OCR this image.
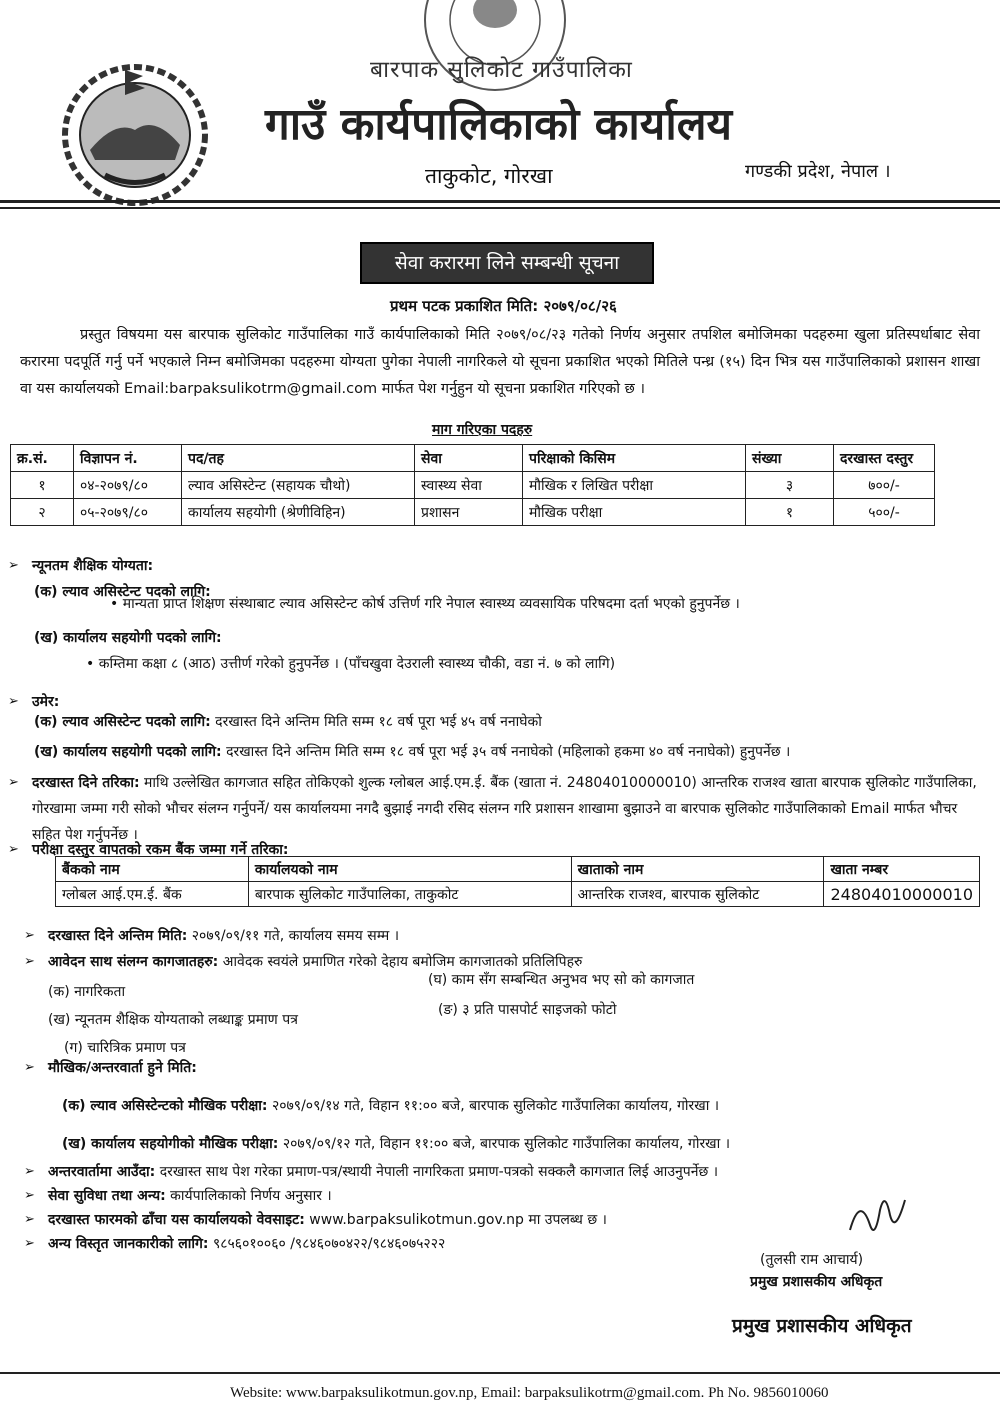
बारपाक सुलिकोट गाउँपालिका
गाउँ कार्यपालिकाको कार्यालय
ताकुकोट, गोरखा	गण्डकी प्रदेश, नेपाल ।
सेवा करारमा लिने सम्बन्धी सूचना
प्रथम पटक प्रकाशित मिति: २०७९/०८/२६

प्रस्तुत विषयमा यस बारपाक सुलिकोट गाउँपालिका गाउँ कार्यपालिकाको मिति २०७९/०८/२३ गतेको निर्णय अनुसार तपशिल बमोजिमका पदहरुमा खुला प्रतिस्पर्धाबाट सेवा करारमा पदपूर्ति गर्नु पर्ने भएकाले निम्न बमोजिमका पदहरुमा योग्यता पुगेका नेपाली नागरिकले यो सूचना प्रकाशित भएको मितिले पन्ध्र (१५) दिन भित्र यस गाउँपालिकाको प्रशासन शाखा वा यस कार्यालयको Email:barpaksulikotrm@gmail.com मार्फत पेश गर्नुहुन यो सूचना प्रकाशित गरिएको छ ।

माग गरिएका पदहरु
क्र.सं.	विज्ञापन नं.	पद/तह	सेवा	परिक्षाको किसिम	संख्या	दरखास्त दस्तुर
१	०४-२०७९/८०	ल्याव असिस्टेन्ट (सहायक चौथो)	स्वास्थ्य सेवा	मौखिक र लिखित परीक्षा	३	७००/-
२	०५-२०७९/८०	कार्यालय सहयोगी (श्रेणीविहिन)	प्रशासन	मौखिक परीक्षा	१	५००/-
➢ न्यूनतम शैक्षिक योग्यता:
(क) ल्याव असिस्टेन्ट पदको लागि:
• मान्यता प्राप्त शिक्षण संस्थाबाट ल्याव असिस्टेन्ट कोर्ष उत्तिर्ण गरि नेपाल स्वास्थ्य व्यवसायिक परिषदमा दर्ता भएको हुनुपर्नेछ ।
(ख) कार्यालय सहयोगी पदको लागि:
• कम्तिमा कक्षा ८ (आठ) उत्तीर्ण गरेको हुनुपर्नेछ । (पाँचखुवा देउराली स्वास्थ्य चौकी, वडा नं. ७ को लागि)
➢ उमेर:
(क) ल्याव असिस्टेन्ट पदको लागि: दरखास्त दिने अन्तिम मिति सम्म १८ वर्ष पूरा भई ४५ वर्ष ननाघेको
(ख) कार्यालय सहयोगी पदको लागि: दरखास्त दिने अन्तिम मिति सम्म १८ वर्ष पूरा भई ३५ वर्ष ननाघेको (महिलाको हकमा ४० वर्ष ननाघेको) हुनुपर्नेछ ।
➢ दरखास्त दिने तरिका: माथि उल्लेखित कागजात सहित तोकिएको शुल्क ग्लोबल आई.एम.ई. बैंक (खाता नं. 24804010000010) आन्तरिक राजश्व खाता बारपाक सुलिकोट गाउँपालिका, गोरखामा जम्मा गरी सोको भौचर संलग्न गर्नुपर्ने/ यस कार्यालयमा नगदै बुझाई नगदी रसिद संलग्न गरि प्रशासन शाखामा बुझाउने वा बारपाक सुलिकोट गाउँपालिकाको Email मार्फत भौचर सहित पेश गर्नुपर्नेछ ।
➢ परीक्षा दस्तुर वापतको रकम बैंक जम्मा गर्ने तरिका:
बैंकको नाम	कार्यालयको नाम	खाताको नाम	खाता नम्बर
ग्लोबल आई.एम.ई. बैंक	बारपाक सुलिकोट गाउँपालिका, ताकुकोट	आन्तरिक राजश्व, बारपाक सुलिकोट	24804010000010
➢ दरखास्त दिने अन्तिम मिति: २०७९/०९/११ गते, कार्यालय समय सम्म ।
➢ आवेदन साथ संलग्न कागजातहरु: आवेदक स्वयंले प्रमाणित गरेको देहाय बमोजिम कागजातको प्रतिलिपिहरु
(क) नागरिकता
(ख) न्यूनतम शैक्षिक योग्यताको लब्धाङ्क प्रमाण पत्र
(ग) चारित्रिक प्रमाण पत्र
(घ) काम सँग सम्बन्धित अनुभव भए सो को कागजात
(ङ) ३ प्रति पासपोर्ट साइजको फोटो
➢ मौखिक/अन्तरवार्ता हुने मिति:
(क) ल्याव असिस्टेन्टको मौखिक परीक्षा: २०७९/०९/१४ गते, विहान ११:०० बजे, बारपाक सुलिकोट गाउँपालिका कार्यालय, गोरखा ।
(ख) कार्यालय सहयोगीको मौखिक परीक्षा: २०७९/०९/१२ गते, विहान ११:०० बजे, बारपाक सुलिकोट गाउँपालिका कार्यालय, गोरखा ।
➢ अन्तरवार्तामा आउँदा: दरखास्त साथ पेश गरेका प्रमाण-पत्र/स्थायी नेपाली नागरिकता प्रमाण-पत्रको सक्कलै कागजात लिई आउनुपर्नेछ ।
➢ सेवा सुविधा तथा अन्य: कार्यपालिकाको निर्णय अनुसार ।
➢ दरखास्त फारमको ढाँचा यस कार्यालयको वेवसाइट: www.barpaksulikotmun.gov.np मा उपलब्ध छ ।
➢ अन्य विस्तृत जानकारीको लागि: ९८५६०१००६० /९८४६०७०४२२/९८४६०७५२२२
(तुलसी राम आचार्य)
प्रमुख प्रशासकीय अधिकृत
प्रमुख प्रशासकीय अधिकृत
Website: www.barpaksulikotmun.gov.np, Email: barpaksulikotrm@gmail.com. Ph No. 9856010060
